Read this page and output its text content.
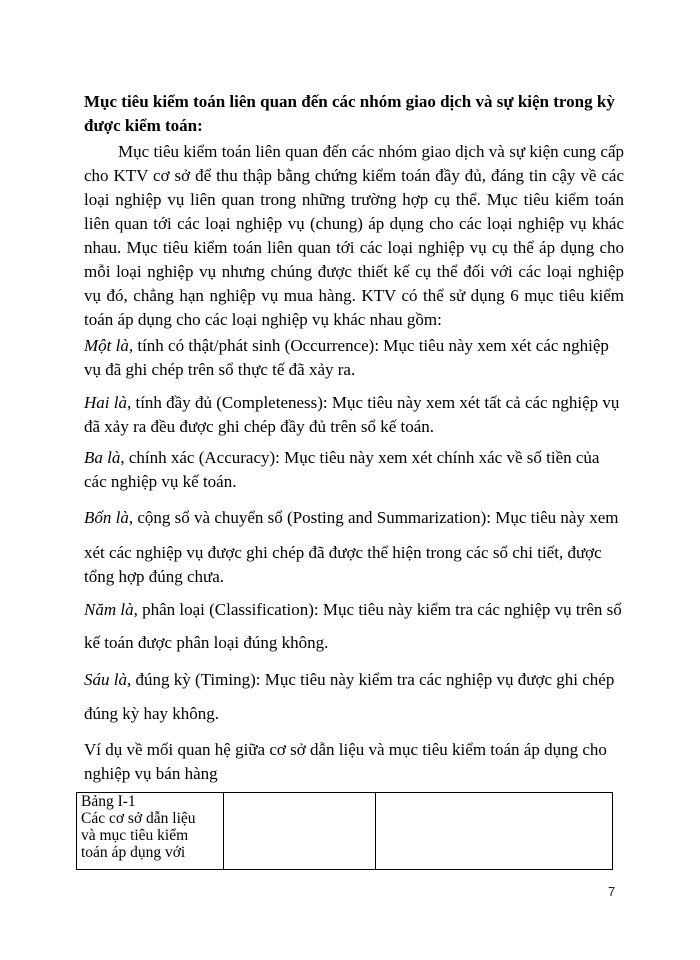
Mục tiêu kiểm toán liên quan đến các nhóm giao dịch và sự kiện trong kỳ được kiểm toán:

Mục tiêu kiểm toán liên quan đến các nhóm giao dịch và sự kiện cung cấp cho KTV cơ sở để thu thập bằng chứng kiểm toán đầy đủ, đáng tin cậy về các loại nghiệp vụ liên quan trong những trường hợp cụ thể. Mục tiêu kiểm toán liên quan tới các loại nghiệp vụ (chung) áp dụng cho các loại nghiệp vụ khác nhau. Mục tiêu kiểm toán liên quan tới các loại nghiệp vụ cụ thể áp dụng cho mỗi loại nghiệp vụ nhưng chúng được thiết kế cụ thể đối với các loại nghiệp vụ đó, chẳng hạn nghiệp vụ mua hàng. KTV có thể sử dụng 6 mục tiêu kiểm toán áp dụng cho các loại nghiệp vụ khác nhau gồm:

Một là, tính có thật/phát sinh (Occurrence): Mục tiêu này xem xét các nghiệp vụ đã ghi chép trên sổ thực tế đã xảy ra.

Hai là, tính đầy đủ (Completeness): Mục tiêu này xem xét tất cả các nghiệp vụ đã xảy ra đều được ghi chép đầy đủ trên sổ kế toán.

Ba là, chính xác (Accuracy): Mục tiêu này xem xét chính xác về số tiền của các nghiệp vụ kế toán.

Bốn là, cộng sổ và chuyển sổ (Posting and Summarization): Mục tiêu này xem

xét các nghiệp vụ được ghi chép đã được thể hiện trong các sổ chi tiết, được tổng hợp đúng chưa.

Năm là, phân loại (Classification): Mục tiêu này kiểm tra các nghiệp vụ trên sổ

kế toán được phân loại đúng không.

Sáu là, đúng kỳ (Timing): Mục tiêu này kiểm tra các nghiệp vụ được ghi chép

đúng kỳ hay không.

Ví dụ về mối quan hệ giữa cơ sở dẫn liệu và mục tiêu kiểm toán áp dụng cho nghiệp vụ bán hàng

Bảng I-1
Các cơ sở dẫn liệu
và mục tiêu kiểm
toán áp dụng với

7
